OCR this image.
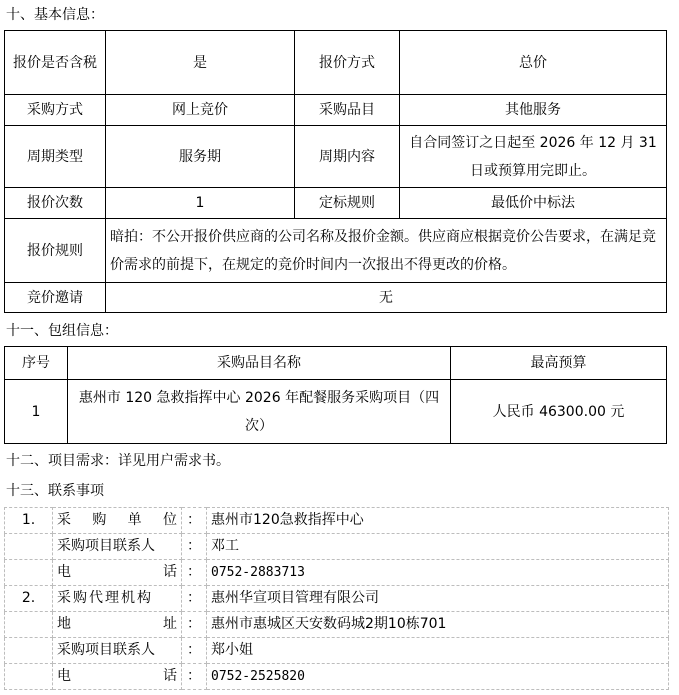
十、基本信息：
报价是否含税	是	报价方式	总价
采购方式	网上竞价	采购品目	其他服务
周期类型	服务期	周期内容	自合同签订之日起至 2026 年 12 月 31 日或预算用完即止。
报价次数	1	定标规则	最低价中标法
报价规则	暗拍：不公开报价供应商的公司名称及报价金额。供应商应根据竞价公告要求，在满足竞价需求的前提下，在规定的竞价时间内一次报出不得更改的价格。		
竞价邀请	无		
十一、包组信息：
序号	采购品目名称	最高预算
1	惠州市 120 急救指挥中心 2026 年配餐服务采购项目（四次）	人民币 46300.00 元
十二、项目需求：详见用户需求书。
十三、联系事项
1.	采 购 单 位	：	惠州市120急救指挥中心
	采购项目联系人	：	邓工

	电 话	：	0752-2883713
2.	采购代理机构	：	惠州华宣项目管理有限公司

	地 址	：	惠州市惠城区天安数码城2期10栋701
	采购项目联系人	：	郑小姐

	电 话	：	0752-2525820
